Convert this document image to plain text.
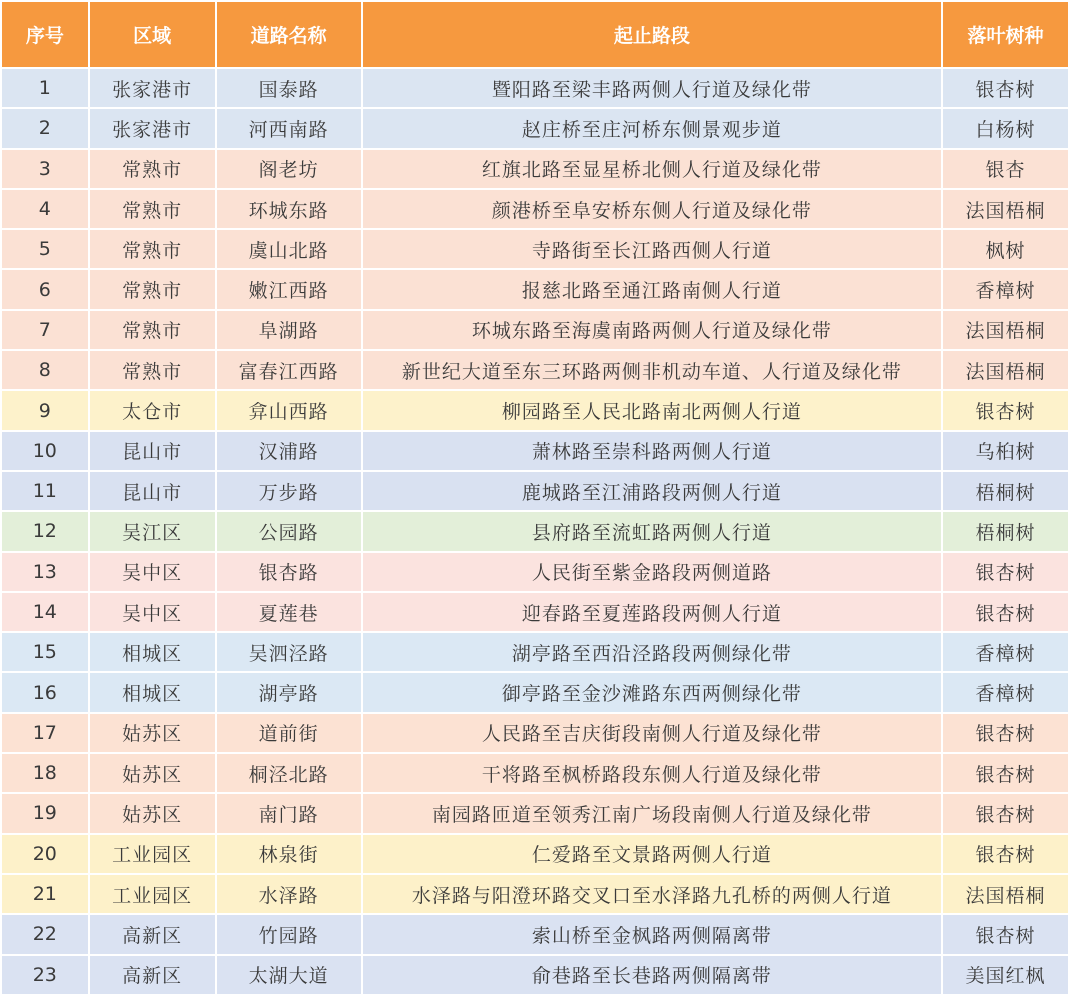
序号	区域	道路名称	起止路段	落叶树种
1	张家港市	国泰路	暨阳路至梁丰路两侧人行道及绿化带	银杏树
2	张家港市	河西南路	赵庄桥至庄河桥东侧景观步道	白杨树
3	常熟市	阁老坊	红旗北路至显星桥北侧人行道及绿化带	银杏
4	常熟市	环城东路	颜港桥至阜安桥东侧人行道及绿化带	法国梧桐
5	常熟市	虞山北路	寺路街至长江路西侧人行道	枫树
6	常熟市	嫩江西路	报慈北路至通江路南侧人行道	香樟树
7	常熟市	阜湖路	环城东路至海虞南路两侧人行道及绿化带	法国梧桐
8	常熟市	富春江西路	新世纪大道至东三环路两侧非机动车道、人行道及绿化带	法国梧桐
9	太仓市	弇山西路	柳园路至人民北路南北两侧人行道	银杏树
10	昆山市	汉浦路	萧林路至崇科路两侧人行道	乌桕树
11	昆山市	万步路	鹿城路至江浦路段两侧人行道	梧桐树
12	吴江区	公园路	县府路至流虹路两侧人行道	梧桐树
13	吴中区	银杏路	人民街至紫金路段两侧道路	银杏树
14	吴中区	夏莲巷	迎春路至夏莲路段两侧人行道	银杏树
15	相城区	吴泗泾路	湖亭路至西沿泾路段两侧绿化带	香樟树
16	相城区	湖亭路	御亭路至金沙滩路东西两侧绿化带	香樟树
17	姑苏区	道前街	人民路至吉庆街段南侧人行道及绿化带	银杏树
18	姑苏区	桐泾北路	干将路至枫桥路段东侧人行道及绿化带	银杏树
19	姑苏区	南门路	南园路匝道至领秀江南广场段南侧人行道及绿化带	银杏树
20	工业园区	林泉街	仁爱路至文景路两侧人行道	银杏树
21	工业园区	水泽路	水泽路与阳澄环路交叉口至水泽路九孔桥的两侧人行道	法国梧桐
22	高新区	竹园路	索山桥至金枫路两侧隔离带	银杏树
23	高新区	太湖大道	俞巷路至长巷路两侧隔离带	美国红枫
